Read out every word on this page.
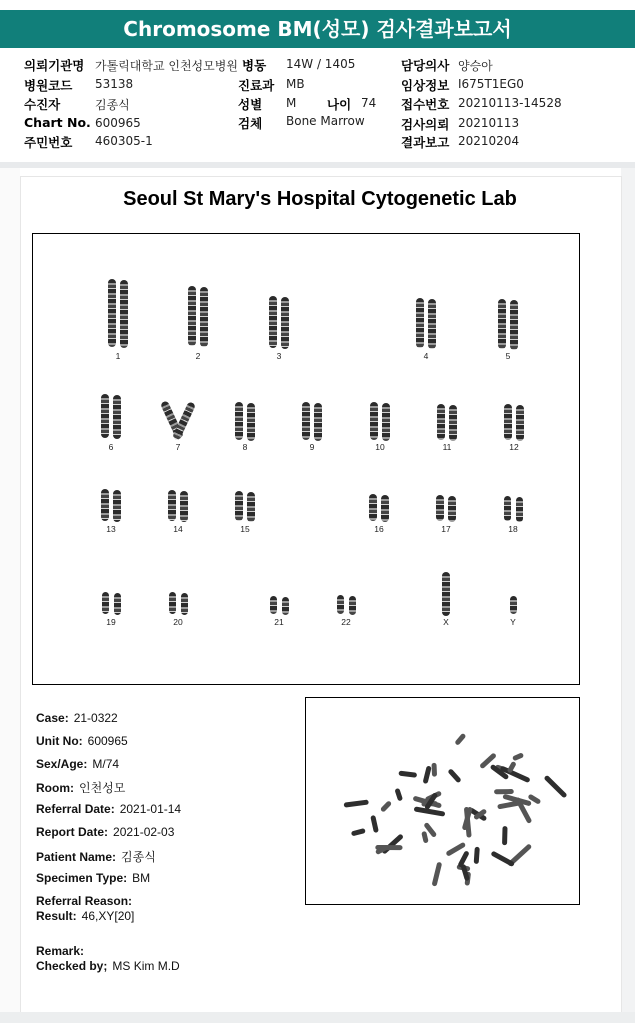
Chromosome BM(성모) 검사결과보고서
의뢰기관명 가톨릭대학교 인천성모병원
병원코드 53138
수진자	김종식
Chart No. 600965
주민번호 460305-1
병동 14W / 1405
진료과 MB
성별 M 나이 74
검체 Bone Marrow
담당의사 양승아
임상정보 I675T1EG0
접수번호 20210113-14528
검사의뢰 20210113
결과보고 20210204
Seoul St Mary's Hospital Cytogenetic Lab
1	2	3	4	5
6	7	8	9	10	11	12
13	14	15	16	17	18
19	20	21	22	X	Y
Case: 21-0322
Unit No: 600965
Sex/Age: M/74
Room: 인천성모
Referral Date: 2021-01-14
Report Date: 2021-02-03
Patient Name: 김종식
Specimen Type: BM
Referral Reason:
Result: 46,XY[20]
Remark:
Checked by; MS Kim M.D
